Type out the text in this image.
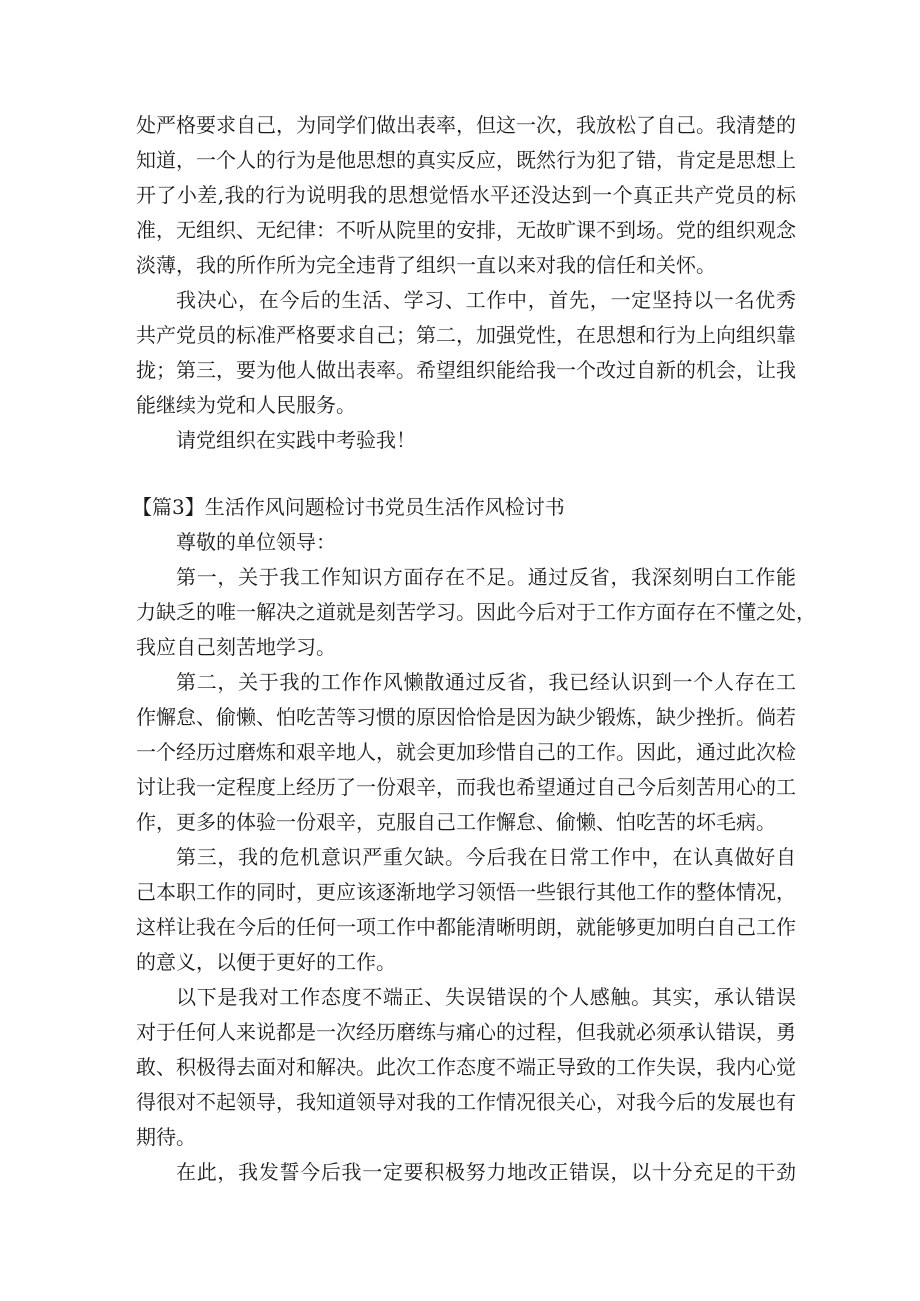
处严格要求自己，为同学们做出表率，但这一次，我放松了自己。我清楚的
知道，一个人的行为是他思想的真实反应，既然行为犯了错，肯定是思想上
开了小差,我的行为说明我的思想觉悟水平还没达到一个真正共产党员的标
准，无组织、无纪律：不听从院里的安排，无故旷课不到场。党的组织观念
淡薄，我的所作所为完全违背了组织一直以来对我的信任和关怀。
我决心，在今后的生活、学习、工作中，首先，一定坚持以一名优秀
共产党员的标准严格要求自己；第二，加强党性，在思想和行为上向组织靠
拢；第三，要为他人做出表率。希望组织能给我一个改过自新的机会，让我
能继续为党和人民服务。
请党组织在实践中考验我！
【篇3】生活作风问题检讨书党员生活作风检讨书
尊敬的单位领导：
第一，关于我工作知识方面存在不足。通过反省，我深刻明白工作能
力缺乏的唯一解决之道就是刻苦学习。因此今后对于工作方面存在不懂之处，
我应自己刻苦地学习。
第二，关于我的工作作风懒散通过反省，我已经认识到一个人存在工
作懈怠、偷懒、怕吃苦等习惯的原因恰恰是因为缺少锻炼，缺少挫折。倘若
一个经历过磨炼和艰辛地人，就会更加珍惜自己的工作。因此，通过此次检
讨让我一定程度上经历了一份艰辛，而我也希望通过自己今后刻苦用心的工
作，更多的体验一份艰辛，克服自己工作懈怠、偷懒、怕吃苦的坏毛病。
第三，我的危机意识严重欠缺。今后我在日常工作中，在认真做好自
己本职工作的同时，更应该逐渐地学习领悟一些银行其他工作的整体情况，
这样让我在今后的任何一项工作中都能清晰明朗，就能够更加明白自己工作
的意义，以便于更好的工作。
以下是我对工作态度不端正、失误错误的个人感触。其实，承认错误
对于任何人来说都是一次经历磨练与痛心的过程，但我就必须承认错误，勇
敢、积极得去面对和解决。此次工作态度不端正导致的工作失误，我内心觉
得很对不起领导，我知道领导对我的工作情况很关心，对我今后的发展也有
期待。
在此，我发誓今后我一定要积极努力地改正错误，以十分充足的干劲
